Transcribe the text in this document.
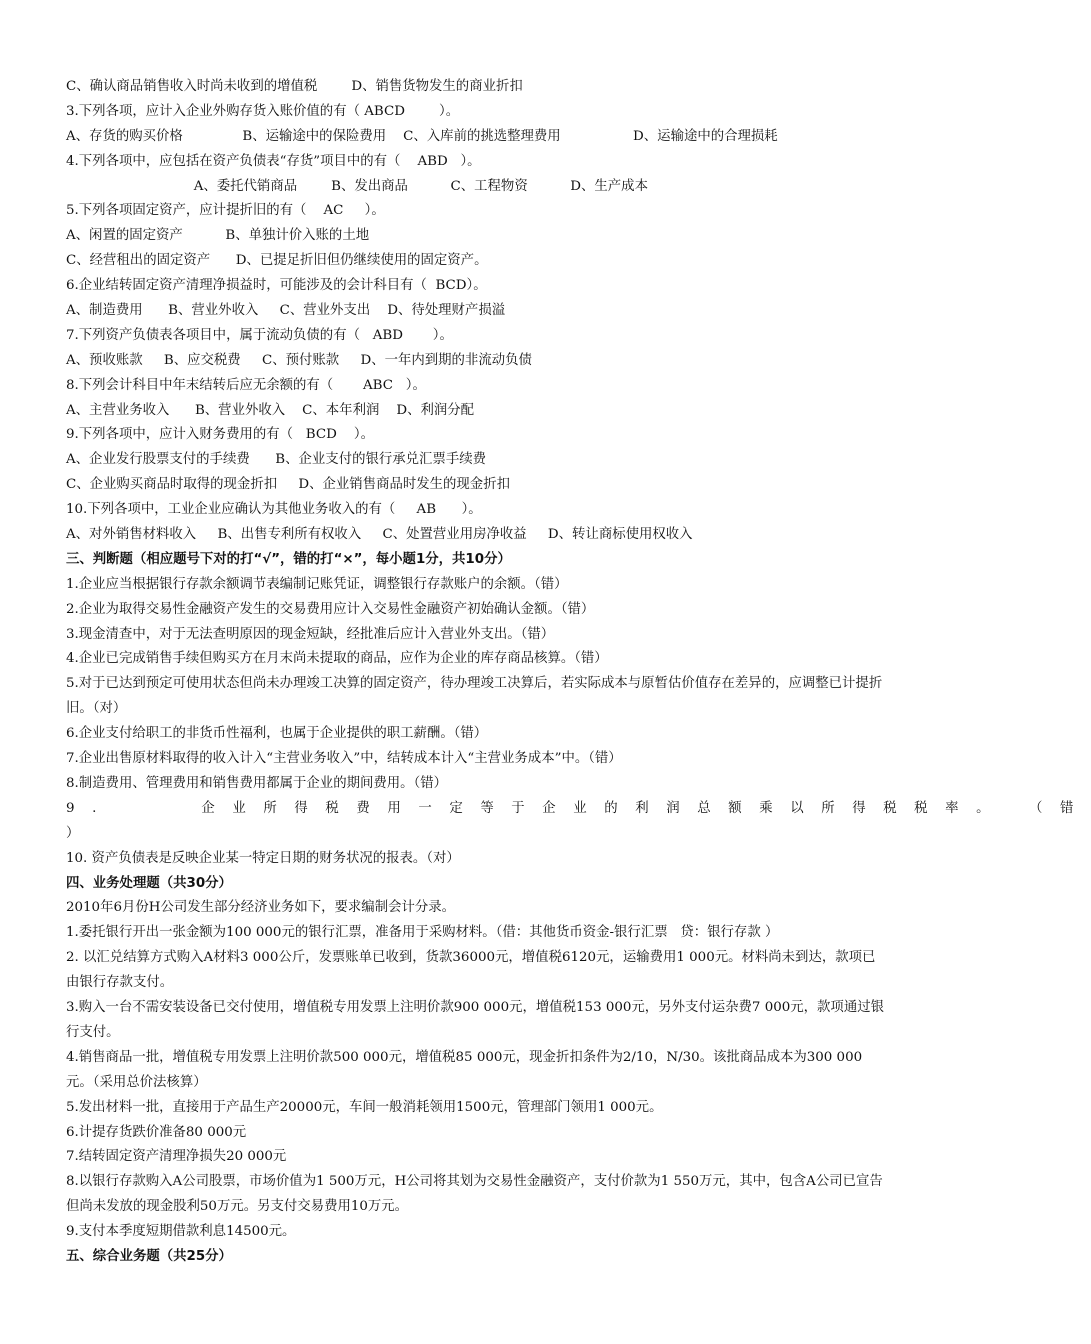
C、确认商品销售收入时尚未收到的增值税        D、销售货物发生的商业折扣
3.下列各项，应计入企业外购存货入账价值的有（ ABCD        ）。
A、存货的购买价格              B、运输途中的保险费用    C、入库前的挑选整理费用                 D、运输途中的合理损耗
4.下列各项中，应包括在资产负债表“存货”项目中的有（    ABD   ）。
A、委托代销商品        B、发出商品          C、工程物资          D、生产成本
5.下列各项固定资产，应计提折旧的有（    AC     ）。
A、闲置的固定资产          B、单独计价入账的土地
C、经营租出的固定资产      D、已提足折旧但仍继续使用的固定资产。
6.企业结转固定资产清理净损益时，可能涉及的会计科目有（  BCD）。
A、制造费用      B、营业外收入     C、营业外支出    D、待处理财产损溢
7.下列资产负债表各项目中，属于流动负债的有（   ABD       ）。
A、预收账款     B、应交税费     C、预付账款     D、一年内到期的非流动负债
8.下列会计科目中年末结转后应无余额的有（       ABC   ）。
A、主营业务收入      B、营业外收入    C、本年利润    D、利润分配
9.下列各项中，应计入财务费用的有（   BCD    ）。
A、企业发行股票支付的手续费      B、企业支付的银行承兑汇票手续费
C、企业购买商品时取得的现金折扣     D、企业销售商品时发生的现金折扣
10.下列各项中，工业企业应确认为其他业务收入的有（     AB      ）。
A、对外销售材料收入     B、出售专利所有权收入     C、处置营业用房净收益     D、转让商标使用权收入
三、判断题（相应题号下对的打“√”，错的打“×”，每小题1分，共10分）
1.企业应当根据银行存款余额调节表编制记账凭证，调整银行存款账户的余额。（错）
2.企业为取得交易性金融资产发生的交易费用应计入交易性金融资产初始确认金额。（错）
3.现金清查中，对于无法查明原因的现金短缺，经批准后应计入营业外支出。（错）
4.企业已完成销售手续但购买方在月末尚未提取的商品，应作为企业的库存商品核算。（错）
5.对于已达到预定可使用状态但尚未办理竣工决算的固定资产，待办理竣工决算后，若实际成本与原暂估价值存在差异的，应调整已计提折旧。（对）
6.企业支付给职工的非货币性福利，也属于企业提供的职工薪酬。（错）
7.企业出售原材料取得的收入计入“主营业务收入”中，结转成本计入“主营业务成本”中。（错）
8.制造费用、管理费用和销售费用都属于企业的期间费用。（错）
9.    企业所得税费用一定等于企业的利润总额乘以所得税税率。 （错
）
10. 资产负债表是反映企业某一特定日期的财务状况的报表。（对）
四、业务处理题（共30分）
2010年6月份H公司发生部分经济业务如下，要求编制会计分录。
1.委托银行开出一张金额为100 000元的银行汇票，准备用于采购材料。（借：其他货币资金-银行汇票   贷：银行存款 ）
2. 以汇兑结算方式购入A材料3 000公斤，发票账单已收到，货款36000元，增值税6120元，运输费用1 000元。材料尚未到达，款项已由银行存款支付。
3.购入一台不需安装设备已交付使用，增值税专用发票上注明价款900 000元，增值税153 000元，另外支付运杂费7 000元，款项通过银行支付。
4.销售商品一批，增值税专用发票上注明价款500 000元，增值税85 000元，现金折扣条件为2/10，N/30。该批商品成本为300 000元。（采用总价法核算）
5.发出材料一批，直接用于产品生产20000元，车间一般消耗领用1500元，管理部门领用1 000元。
6.计提存货跌价准备80 000元
7.结转固定资产清理净损失20 000元
8.以银行存款购入A公司股票，市场价值为1 500万元，H公司将其划为交易性金融资产，支付价款为1 550万元，其中，包含A公司已宣告但尚未发放的现金股利50万元。另支付交易费用10万元。
9.支付本季度短期借款利息14500元。
五、综合业务题（共25分）
